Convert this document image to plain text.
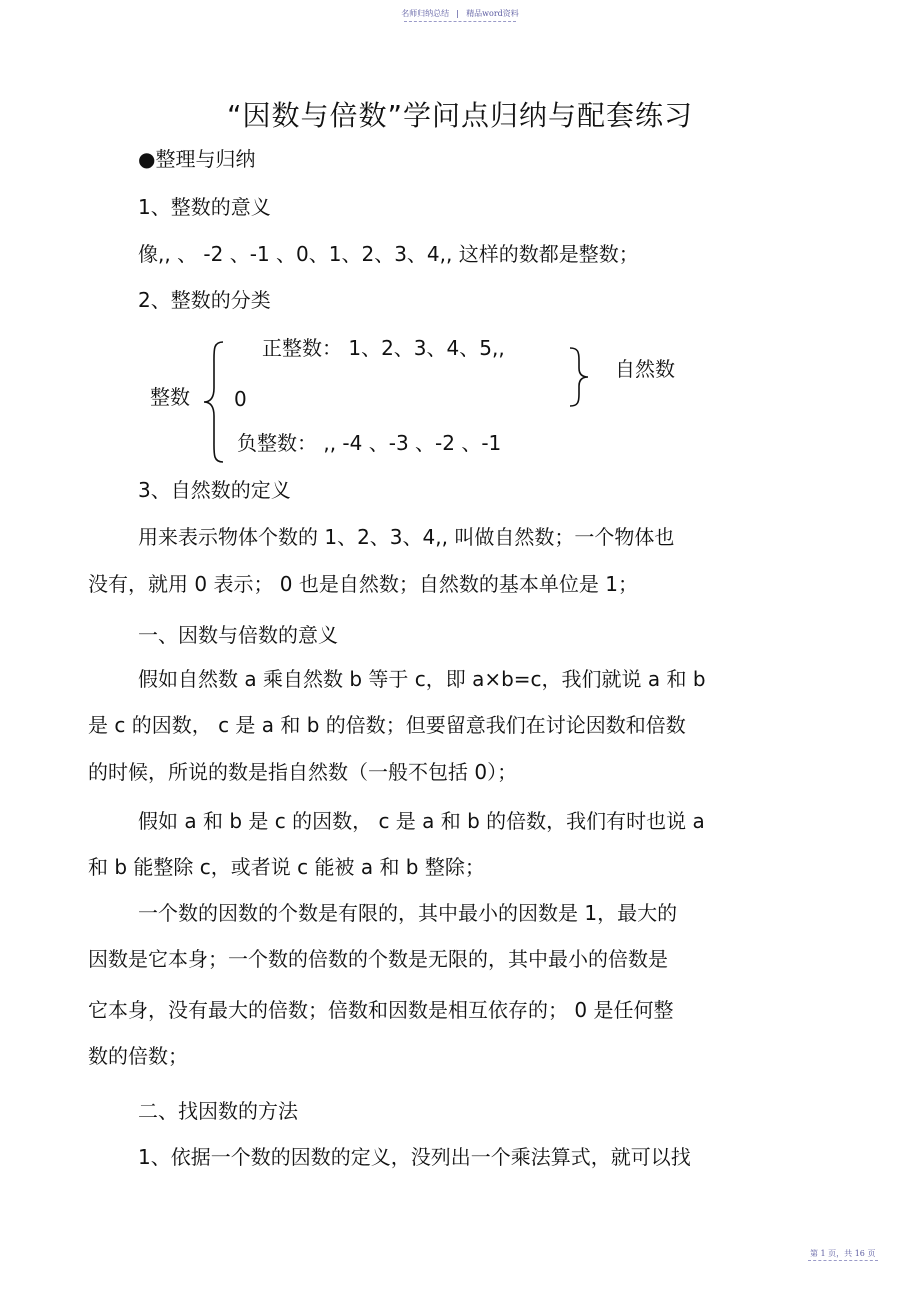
名师归纳总结 精品word资料
“因数与倍数”学问点归纳与配套练习
●整理与归纳
1、整数的意义
像,, 、 -2 、-1 、0、1、2、3、4,, 这样的数都是整数；
2、整数的分类
整数
正整数： 1、2、3、4、5,,
0
负整数： ,, -4 、-3 、-2 、-1
自然数
3、自然数的定义
用来表示物体个数的 1、2、3、4,, 叫做自然数；一个物体也
没有，就用 0 表示； 0 也是自然数；自然数的基本单位是 1；
一、因数与倍数的意义
假如自然数 a 乘自然数 b 等于 c，即 a×b=c，我们就说 a 和 b
是 c 的因数， c 是 a 和 b 的倍数；但要留意我们在讨论因数和倍数
的时候，所说的数是指自然数（一般不包括 0）；
假如 a 和 b 是 c 的因数， c 是 a 和 b 的倍数，我们有时也说 a
和 b 能整除 c，或者说 c 能被 a 和 b 整除；
一个数的因数的个数是有限的，其中最小的因数是 1，最大的
因数是它本身；一个数的倍数的个数是无限的，其中最小的倍数是
它本身，没有最大的倍数；倍数和因数是相互依存的； 0 是任何整
数的倍数；
二、找因数的方法
1、依据一个数的因数的定义，没列出一个乘法算式，就可以找
第 1 页，共 16 页
